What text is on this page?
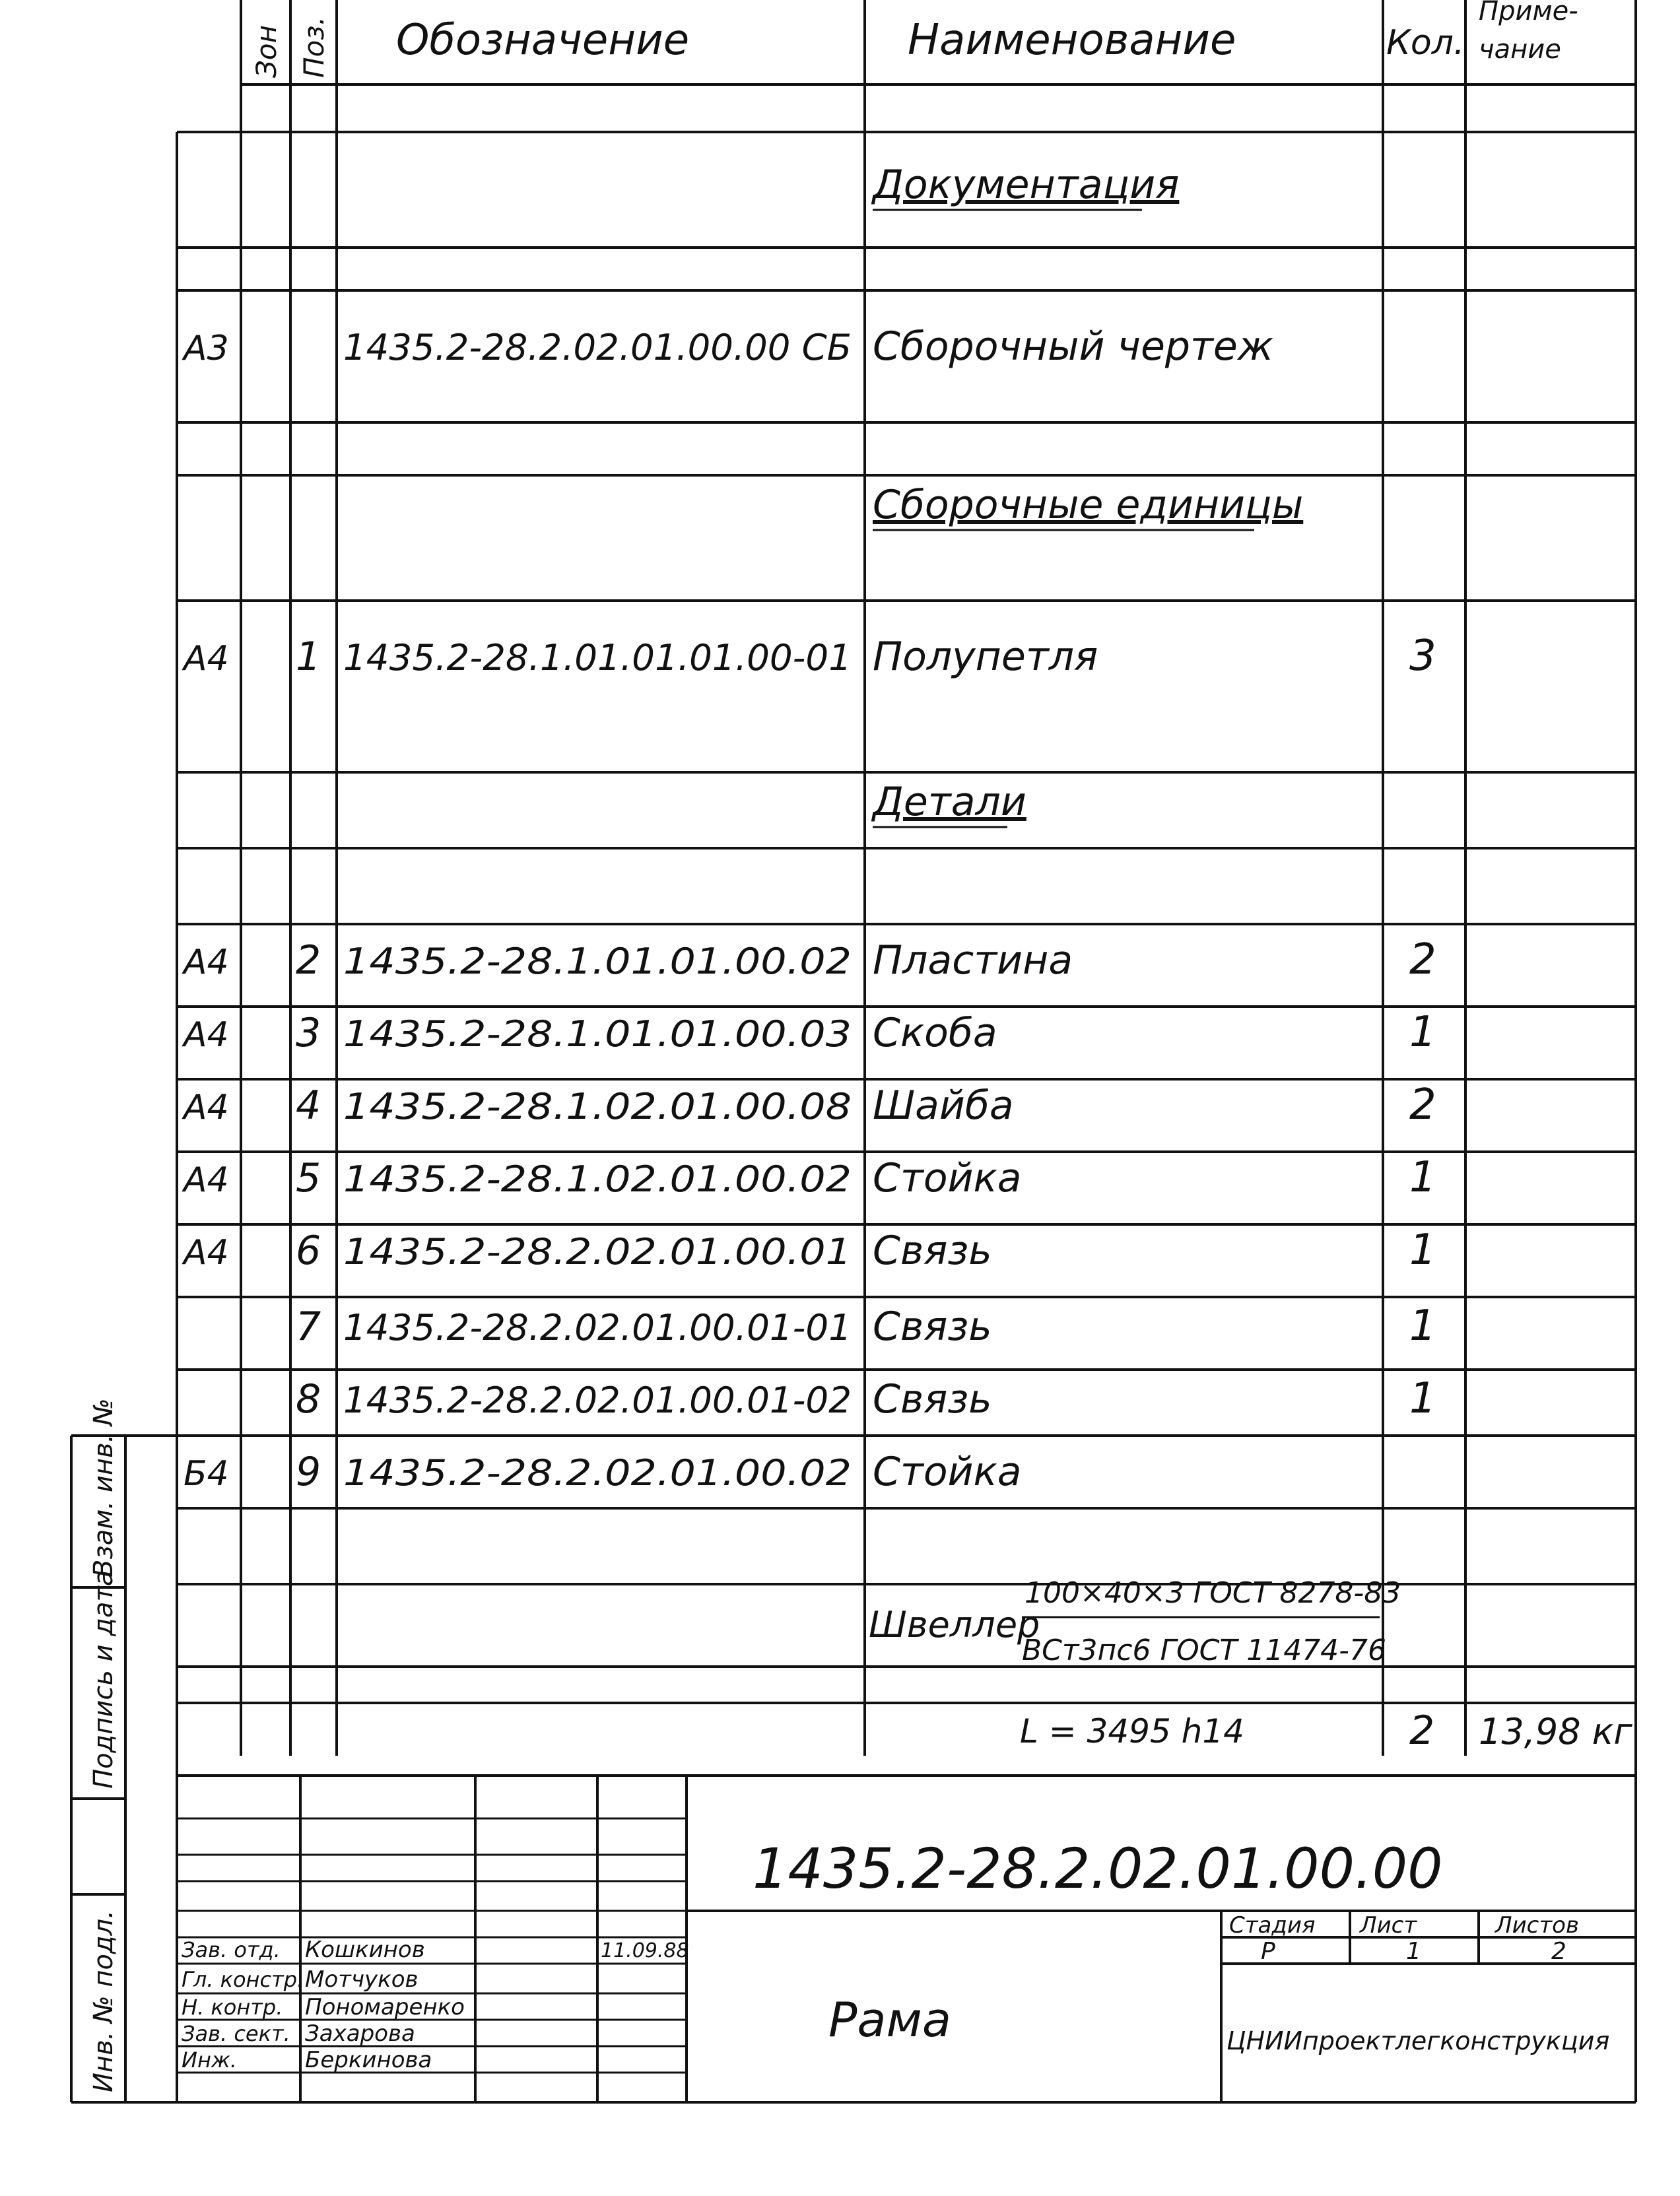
Зон Поз. Обозначение	Наименование	Кол.
Приме- чание
Документация
А3	1435.2-28.2.02.01.00.00 СБ Сборочный чертеж
Сборочные единицы
А4 1 1435.2-28.1.01.01.01.00-01 Полупетля	3
Детали
А4 2 1435.2-28.1.01.01.00.02 Пластина	2
А4 3 1435.2-28.1.01.01.00.03 Скоба	1
А4 4 1435.2-28.1.02.01.00.08 Шайба	2
А4 5 1435.2-28.1.02.01.00.02 Стойка	1
А4 6 1435.2-28.2.02.01.00.01 Связь	1
7 1435.2-28.2.02.01.00.01-01 Связь	1
8 1435.2-28.2.02.01.00.01-02 Связь	1
Б4 9 1435.2-28.2.02.01.00.02 Стойка
Швеллер
100×40×3 ГОСТ 8278-83
ВСт3пс6 ГОСТ 11474-76
L = 3495 h14	2 13,98 кг
Взам. инв. №
Подпись и дата
Инв. № подл.
1435.2-28.2.02.01.00.00
Рама
Стадия Лист	Листов
Р	1	2
ЦНИИпроектлегконструкция
Зав. отд. Кошкинов	11.09.88
Гл. констр. Мотчуков
Н. контр. Пономаренко
Зав. сект. Захарова
Инж.	Беркинова
